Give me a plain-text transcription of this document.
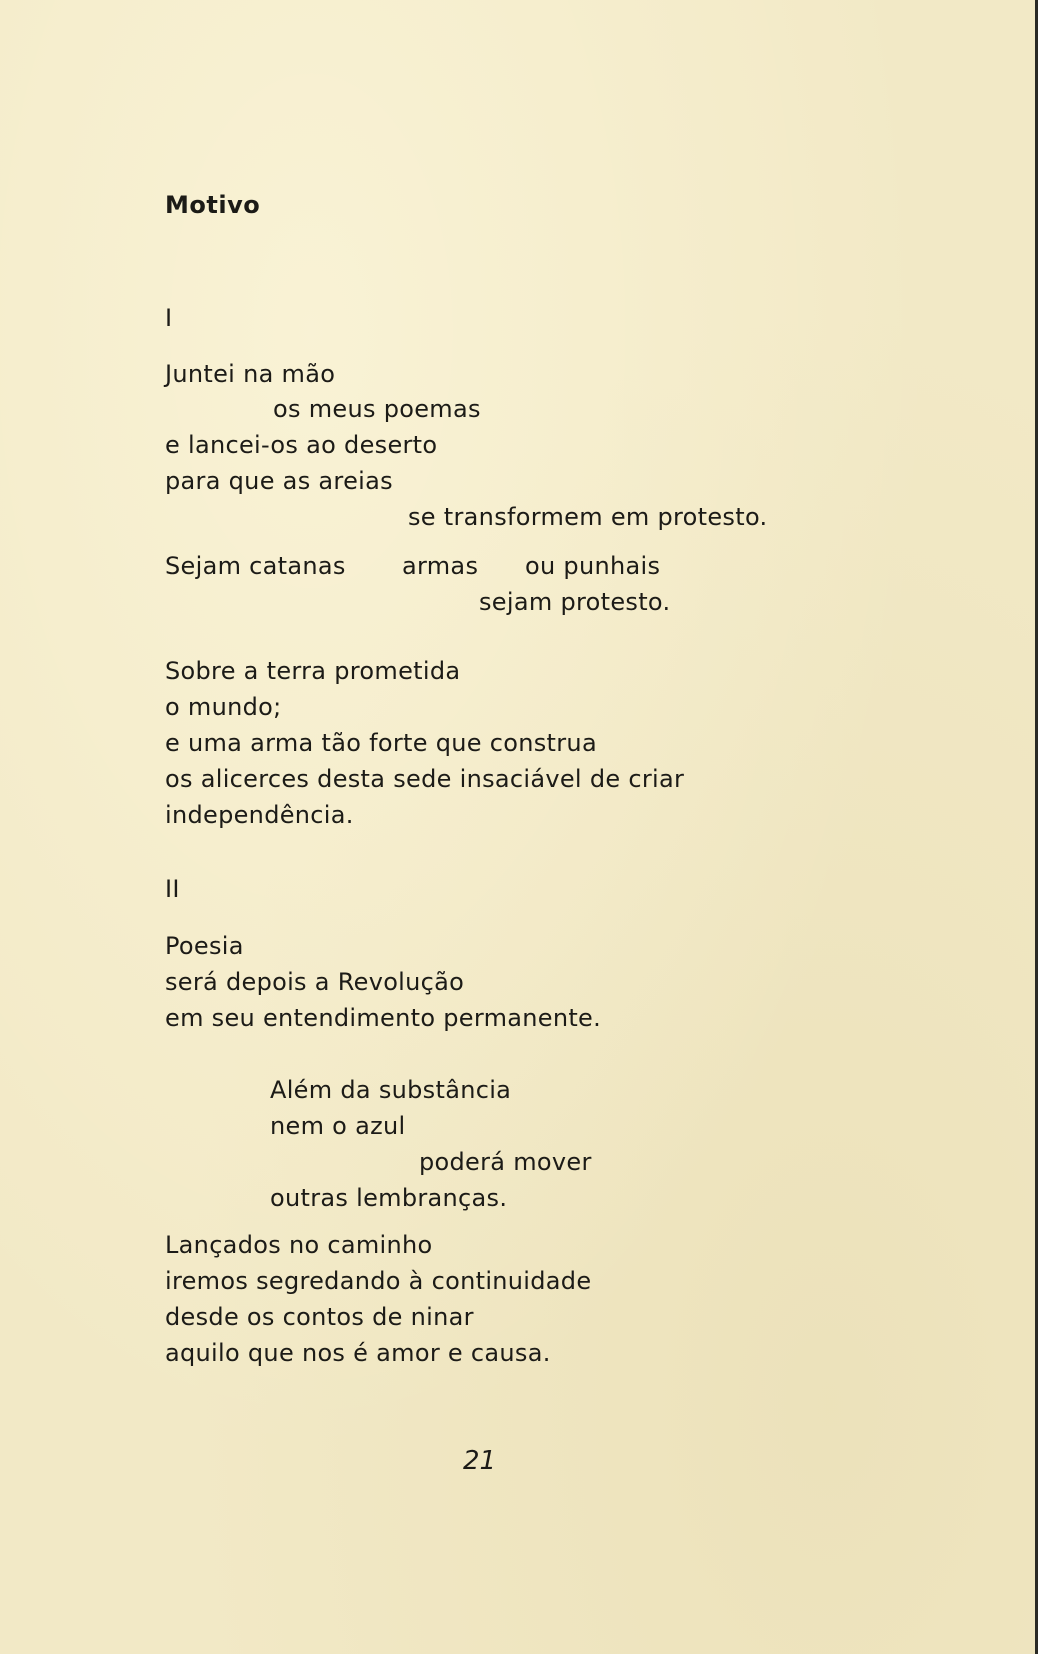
Motivo
I
Juntei na mão
os meus poemas
e lancei-os ao deserto
para que as areias
se transformem em protesto.
Sejam catanas armas ou punhais
sejam protesto.
Sobre a terra prometida
o mundo;
e uma arma tão forte que construa
os alicerces desta sede insaciável de criar
independência.
II
Poesia
será depois a Revolução
em seu entendimento permanente.
Além da substância
nem o azul
poderá mover
outras lembranças.
Lançados no caminho
iremos segredando à continuidade
desde os contos de ninar
aquilo que nos é amor e causa.
21
